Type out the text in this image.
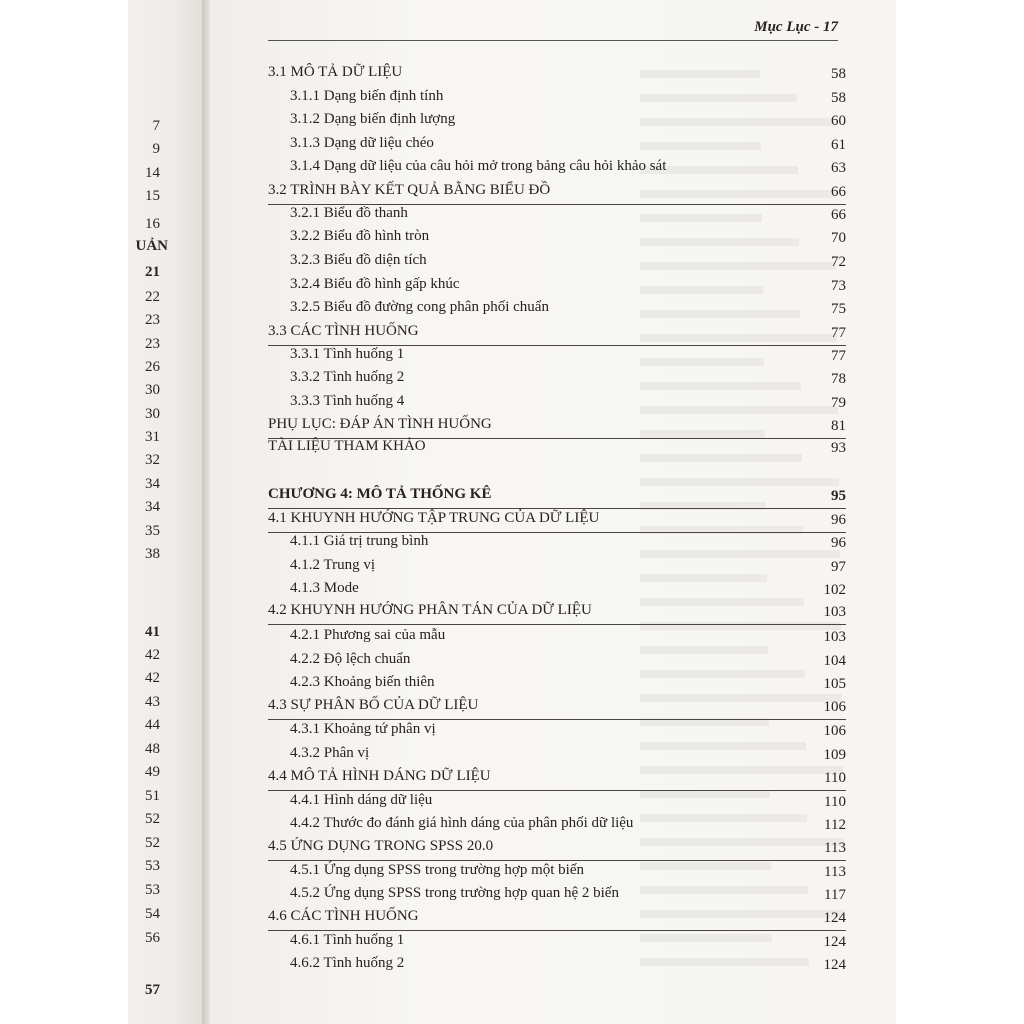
UẢN
7
9
14
15
16
21
22
23
23
26
30
30
31
32
34
34
35
38
41
42
42
43
44
48
49
51
52
52
53
53
54
56
57
Mục Lục - 17
3.1 MÔ TẢ DỮ LIỆU	58
3.1.1 Dạng biến định tính	58
3.1.2 Dạng biến định lượng	60
3.1.3 Dạng dữ liệu chéo	61
3.1.4 Dạng dữ liệu của câu hỏi mở trong bảng câu hỏi khảo sát	63
3.2 TRÌNH BÀY KẾT QUẢ BẰNG BIỂU ĐỒ	66
3.2.1 Biểu đồ thanh	66
3.2.2 Biểu đồ hình tròn	70
3.2.3 Biểu đồ diện tích	72
3.2.4 Biểu đồ hình gấp khúc	73
3.2.5 Biểu đồ đường cong phân phối chuẩn	75
3.3 CÁC TÌNH HUỐNG	77
3.3.1 Tình huống 1	77
3.3.2 Tình huống 2	78
3.3.3 Tình huống 4	79
PHỤ LỤC: ĐÁP ÁN TÌNH HUỐNG	81
TÀI LIỆU THAM KHẢO	93
CHƯƠNG 4: MÔ TẢ THỐNG KÊ	95
4.1 KHUYNH HƯỚNG TẬP TRUNG CỦA DỮ LIỆU	96
4.1.1 Giá trị trung bình	96
4.1.2 Trung vị	97
4.1.3 Mode	102
4.2 KHUYNH HƯỚNG PHÂN TÁN CỦA DỮ LIỆU	103
4.2.1 Phương sai của mẫu	103
4.2.2 Độ lệch chuẩn	104
4.2.3 Khoảng biến thiên	105
4.3 SỰ PHÂN BỐ CỦA DỮ LIỆU	106
4.3.1 Khoảng tứ phân vị	106
4.3.2 Phân vị	109
4.4 MÔ TẢ HÌNH DÁNG DỮ LIỆU	110
4.4.1 Hình dáng dữ liệu	110
4.4.2 Thước đo đánh giá hình dáng của phân phối dữ liệu	112
4.5 ỨNG DỤNG TRONG SPSS 20.0	113
4.5.1 Ứng dụng SPSS trong trường hợp một biến	113
4.5.2 Ứng dụng SPSS trong trường hợp quan hệ 2 biến	117
4.6 CÁC TÌNH HUỐNG	124
4.6.1 Tình huống 1	124
4.6.2 Tình huống 2	124
